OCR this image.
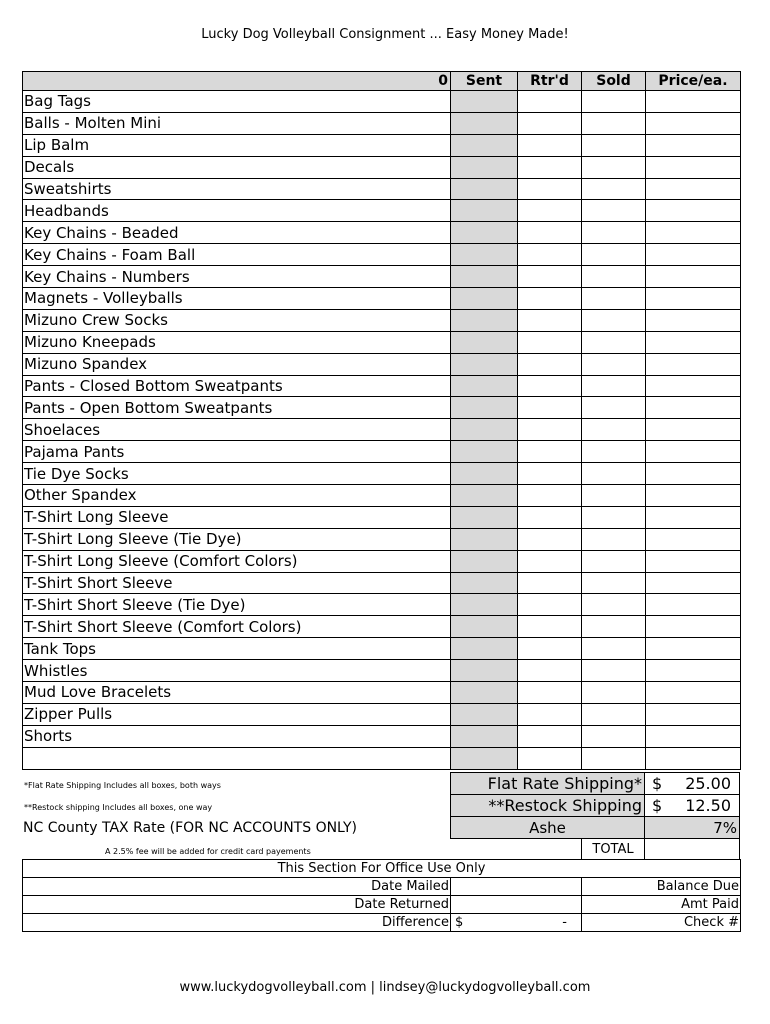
Lucky Dog Volleyball Consignment ... Easy Money Made!
0	Sent	Rtr'd	Sold	Price/ea.
Bag Tags				
Balls - Molten Mini				
Lip Balm				
Decals				
Sweatshirts				
Headbands				
Key Chains - Beaded				
Key Chains - Foam Ball				
Key Chains - Numbers				
Magnets - Volleyballs				
Mizuno Crew Socks				
Mizuno Kneepads				
Mizuno Spandex				
Pants - Closed Bottom Sweatpants				
Pants - Open Bottom Sweatpants				
Shoelaces				
Pajama Pants				
Tie Dye Socks				
Other Spandex				
T-Shirt Long Sleeve				
T-Shirt Long Sleeve (Tie Dye)				
T-Shirt Long Sleeve (Comfort Colors)				
T-Shirt Short Sleeve				
T-Shirt Short Sleeve (Tie Dye)				
T-Shirt Short Sleeve (Comfort Colors)				
Tank Tops				
Whistles				
Mud Love Bracelets				
Zipper Pulls				
Shorts				

*Flat Rate Shipping Includes all boxes, both ways
**Restock shipping Includes all boxes, one way
Flat Rate Shipping* $ 25.00
**Restock Shipping $ 12.50
NC County TAX Rate (FOR NC ACCOUNTS ONLY)	Ashe	7%
A 2.5% fee will be added for credit card payements	TOTAL
This Section For Office Use Only		
Date Mailed		Balance Due
Date Returned		Amt Paid
Difference	$ -	Check #
www.luckydogvolleyball.com | lindsey@luckydogvolleyball.com
